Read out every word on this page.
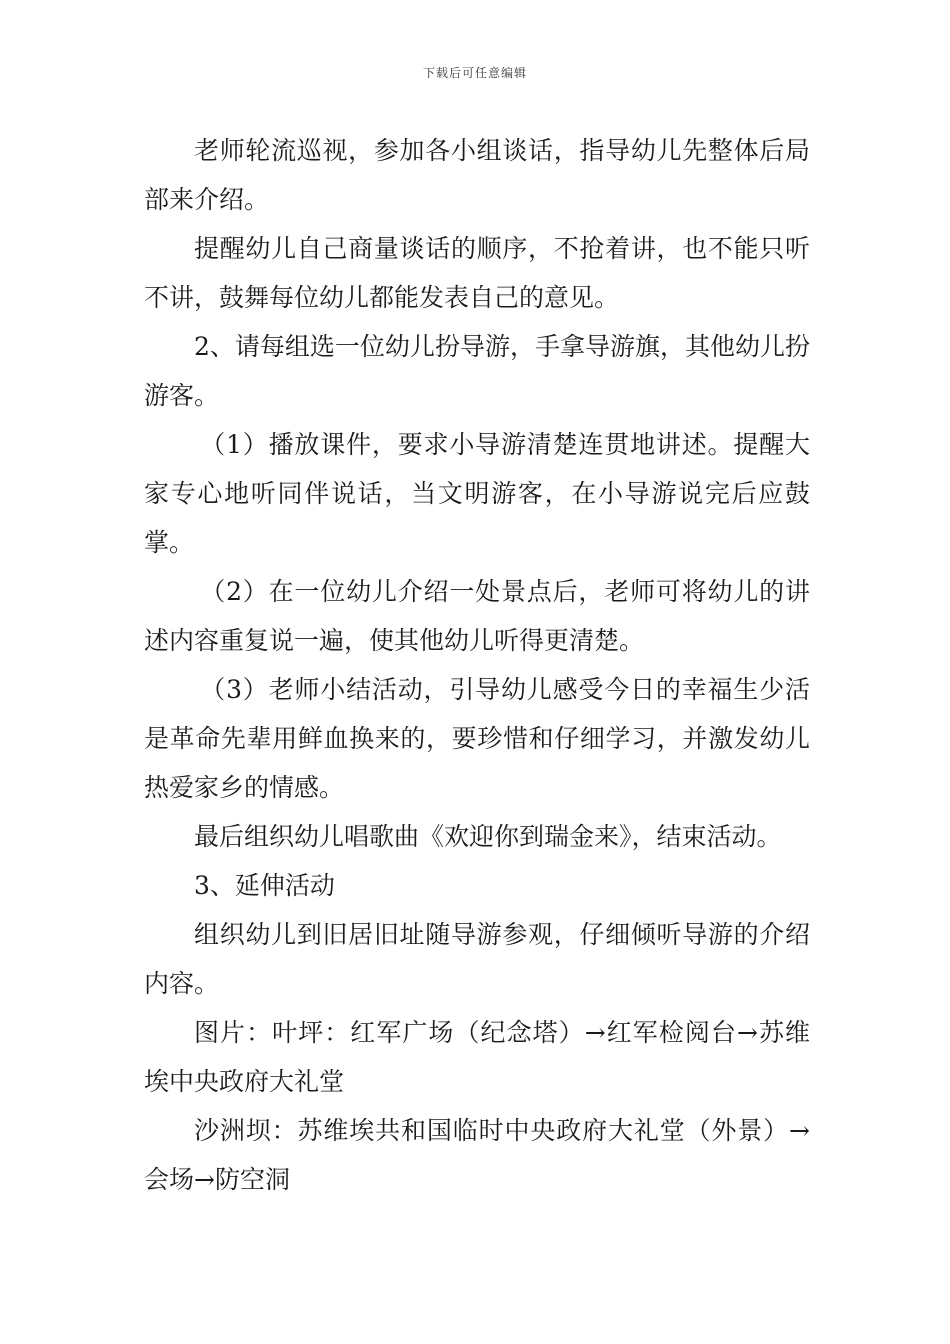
下载后可任意编辑

老师轮流巡视，参加各小组谈话，指导幼儿先整体后局部来介绍。

提醒幼儿自己商量谈话的顺序，不抢着讲，也不能只听不讲，鼓舞每位幼儿都能发表自己的意见。

2、请每组选一位幼儿扮导游，手拿导游旗，其他幼儿扮游客。

（1）播放课件，要求小导游清楚连贯地讲述。提醒大家专心地听同伴说话，当文明游客，在小导游说完后应鼓掌。

（2）在一位幼儿介绍一处景点后，老师可将幼儿的讲述内容重复说一遍，使其他幼儿听得更清楚。

（3）老师小结活动，引导幼儿感受今日的幸福生少活是革命先辈用鲜血换来的，要珍惜和仔细学习，并激发幼儿热爱家乡的情感。

最后组织幼儿唱歌曲《欢迎你到瑞金来》，结束活动。

3、延伸活动

组织幼儿到旧居旧址随导游参观，仔细倾听导游的介绍内容。

图片：叶坪：红军广场（纪念塔）→红军检阅台→苏维埃中央政府大礼堂

沙洲坝：苏维埃共和国临时中央政府大礼堂（外景）→会场→防空洞
